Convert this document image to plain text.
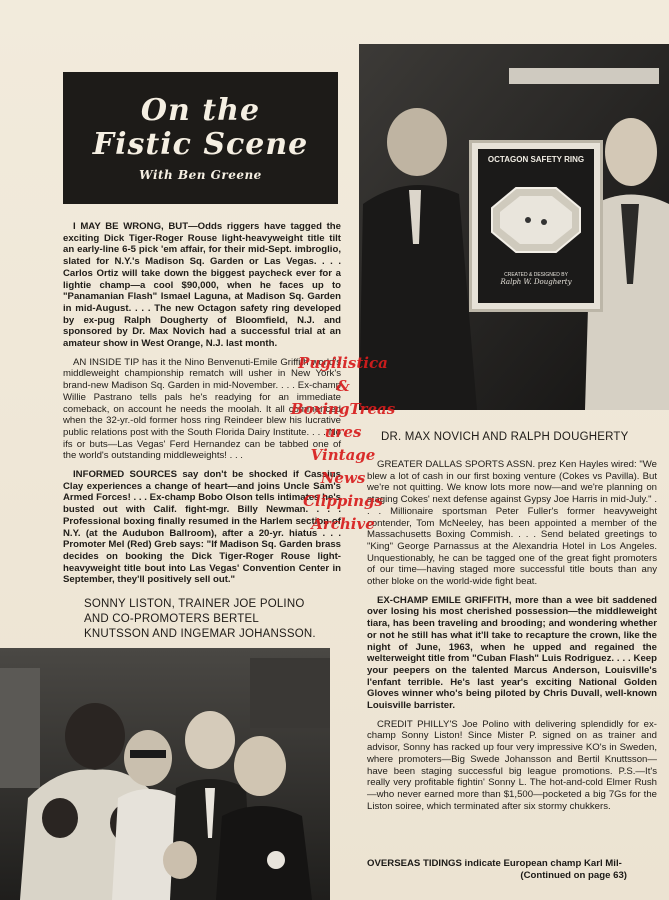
On the
Fistic Scene
With Ben Greene

I MAY BE WRONG, BUT—Odds riggers have tagged the exciting Dick Tiger-Roger Rouse light-heavyweight title tilt an early-line 6-5 pick 'em affair, for their mid-Sept. imbroglio, slated for N.Y.'s Madison Sq. Garden or Las Vegas. . . . Carlos Ortiz will take down the biggest paycheck ever for a lightie champ—a cool $90,000, when he faces up to "Panamanian Flash" Ismael Laguna, at Madison Sq. Garden in mid-August. . . . The new Octagon safety ring developed by ex-pug Ralph Dougherty of Bloomfield, N.J. and sponsored by Dr. Max Novich had a successful trial at an amateur show in West Orange, N.J. last month.

AN INSIDE TIP has it the Nino Benvenuti-Emile Griffith world's middleweight championship rematch will usher in New York's brand-new Madison Sq. Garden in mid-November. . . . Ex-champ Willie Pastrano tells pals he's readying for an immediate comeback, on account he needs the moolah. It all commenced when the 32-yr.-old former hoss ring Reindeer blew his lucrative public relations post with the South Florida Dairy Institute. . . . No ifs or buts—Las Vegas' Ferd Hernandez can be tabbed one of the world's outstanding middleweights! . . .

INFORMED SOURCES say don't be shocked if Cassius Clay experiences a change of heart—and joins Uncle Sam's Armed Forces! . . . Ex-champ Bobo Olson tells intimates he's busted out with Calif. fight-mgr. Billy Newman. . . . Professional boxing finally resumed in the Harlem section of N.Y. (at the Audubon Ballroom), after a 20-yr. hiatus . . . Promoter Mel (Red) Greb says: "If Madison Sq. Garden brass decides on booking the Dick Tiger-Roger Rouse light-heavyweight title bout into Las Vegas' Convention Center in September, they'll positively sell out."

SONNY LISTON, TRAINER JOE POLINO AND CO-PROMOTERS BERTEL KNUTSSON AND INGEMAR JOHANSSON.
OCTAGON SAFETY RING
CREATED & DESIGNED BY
Ralph W. Dougherty
DR. MAX NOVICH AND RALPH DOUGHERTY

GREATER DALLAS SPORTS ASSN. prez Ken Hayles wired: "We blew a lot of cash in our first boxing venture (Cokes vs Pavilla). But we're not quitting. We know lots more now—and we're planning on staging Cokes' next defense against Gypsy Joe Harris in mid-July." . . . Millionaire sportsman Peter Fuller's former heavyweight contender, Tom McNeeley, has been appointed a member of the Massachusetts Boxing Commish. . . . Send belated greetings to "King" George Parnassus at the Alexandria Hotel in Los Angeles. Unquestionably, he can be tagged one of the great fight promoters of our time—having staged more successful title bouts than any other bloke on the world-wide fight beat.

EX-CHAMP EMILE GRIFFITH, more than a wee bit saddened over losing his most cherished possession—the middleweight tiara, has been traveling and brooding; and wondering whether or not he still has what it'll take to recapture the crown, like the night of June, 1963, when he upped and regained the welterweight title from "Cuban Flash" Luis Rodriguez. . . . Keep your peepers on the talented Marcus Anderson, Louisville's l'enfant terrible. He's last year's exciting National Golden Gloves winner who's being piloted by Chris Duvall, well-known Louisville barrister.

CREDIT PHILLY'S Joe Polino with delivering splendidly for ex-champ Sonny Liston! Since Mister P. signed on as trainer and advisor, Sonny has racked up four very impressive KO's in Sweden, where promoters—Big Swede Johansson and Bertil Knuttsson—have been staging successful big league promotions. P.S.—It's really very profitable fightin' Sonny L. The hot-and-cold Elmer Rush—who never earned more than $1,500—pocketed a big 7Gs for the Liston soiree, which terminated after six stormy chukkers.

OVERSEAS TIDINGS indicate European champ Karl Mil-
(Continued on page 63)
Pugilistica
&
BoxingTreas
ures
Vintage
News
Clippings
Archive
